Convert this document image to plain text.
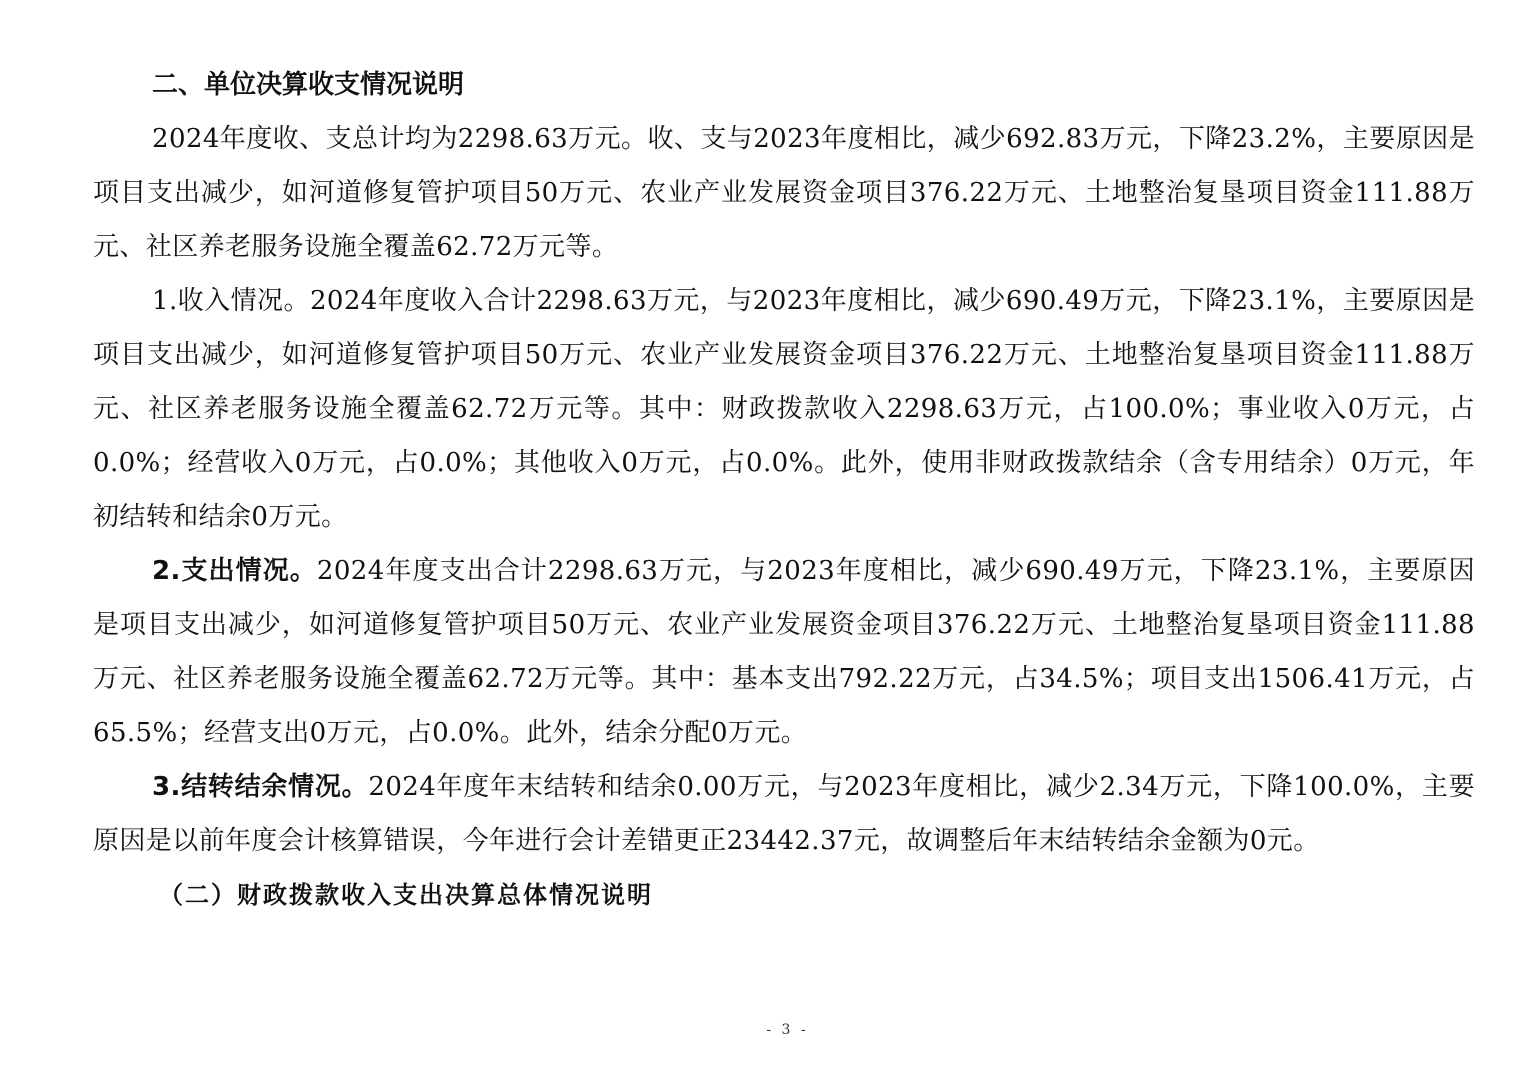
二、单位决算收支情况说明

2024年度收、支总计均为2298.63万元。收、支与2023年度相比，减少692.83万元，下降23.2%，主要原因是项目支出减少，如河道修复管护项目50万元、农业产业发展资金项目376.22万元、土地整治复垦项目资金111.88万元、社区养老服务设施全覆盖62.72万元等。

1.收入情况。2024年度收入合计2298.63万元，与2023年度相比，减少690.49万元，下降23.1%，主要原因是项目支出减少，如河道修复管护项目50万元、农业产业发展资金项目376.22万元、土地整治复垦项目资金111.88万元、社区养老服务设施全覆盖62.72万元等。其中：财政拨款收入2298.63万元，占100.0%；事业收入0万元，占0.0%；经营收入0万元，占0.0%；其他收入0万元，占0.0%。此外，使用非财政拨款结余（含专用结余）0万元，年初结转和结余0万元。

2.支出情况。2024年度支出合计2298.63万元，与2023年度相比，减少690.49万元，下降23.1%，主要原因是项目支出减少，如河道修复管护项目50万元、农业产业发展资金项目376.22万元、土地整治复垦项目资金111.88万元、社区养老服务设施全覆盖62.72万元等。其中：基本支出792.22万元，占34.5%；项目支出1506.41万元，占65.5%；经营支出0万元，占0.0%。此外，结余分配0万元。

3.结转结余情况。2024年度年末结转和结余0.00万元，与2023年度相比，减少2.34万元，下降100.0%，主要原因是以前年度会计核算错误，今年进行会计差错更正23442.37元，故调整后年末结转结余金额为0元。

（二）财政拨款收入支出决算总体情况说明
- 3 -
